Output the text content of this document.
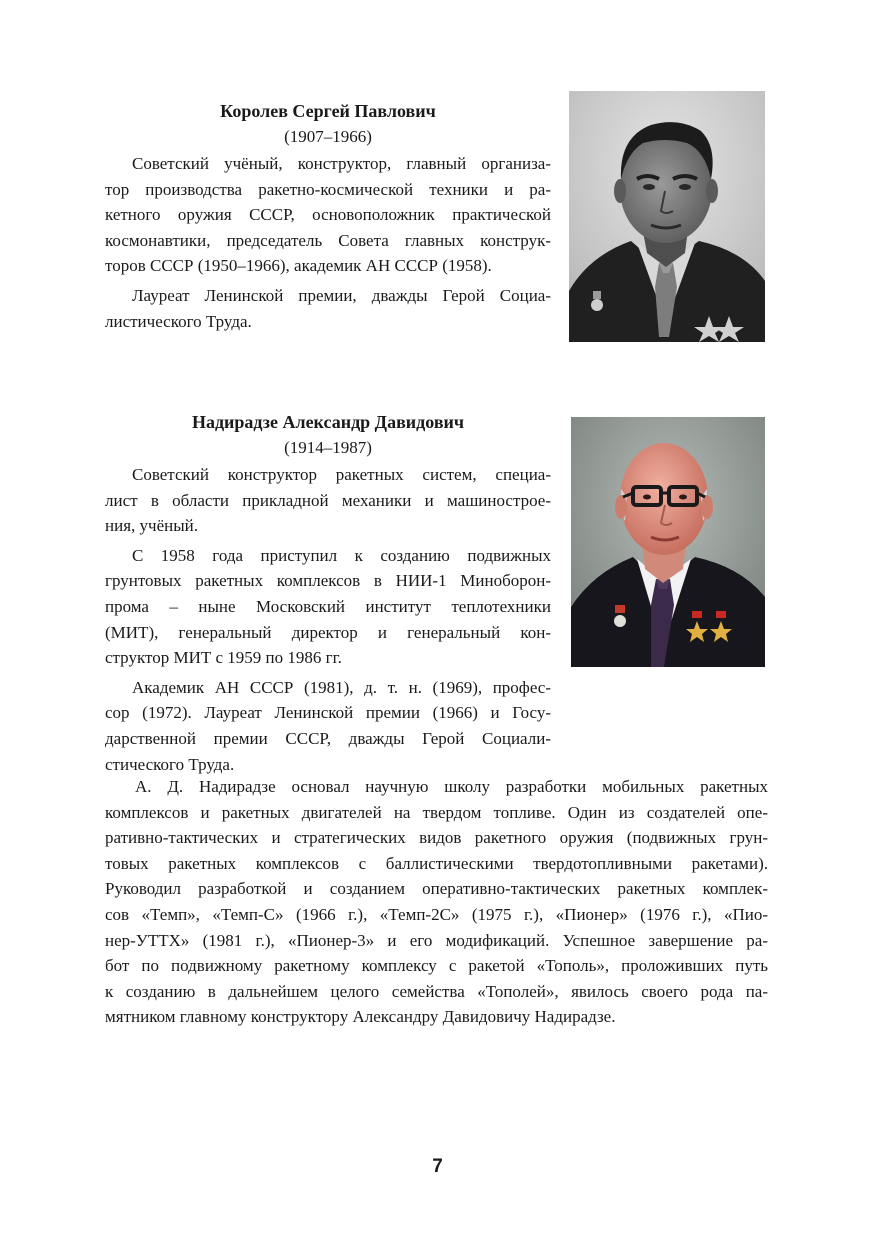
Королев Сергей Павлович
(1907–1966)
Советский учёный, конструктор, главный организа-
тор производства ракетно-космической техники и ра-
кетного оружия СССР, основоположник практической
космонавтики, председатель Совета главных конструк-
торов СССР (1950–1966), академик АН СССР (1958).
Лауреат Ленинской премии, дважды Герой Социа-
листического Труда.
Надирадзе Александр Давидович
(1914–1987)
Советский конструктор ракетных систем, специа-
лист в области прикладной механики и машинострое-
ния, учёный.
С 1958 года приступил к созданию подвижных
грунтовых ракетных комплексов в НИИ-1 Миноборон-
прома – ныне Московский институт теплотехники
(МИТ), генеральный директор и генеральный кон-
структор МИТ с 1959 по 1986 гг.
Академик АН СССР (1981), д. т. н. (1969), профес-
сор (1972). Лауреат Ленинской премии (1966) и Госу-
дарственной премии СССР, дважды Герой Социали-
стического Труда.
А. Д. Надирадзе основал научную школу разработки мобильных ракетных
комплексов и ракетных двигателей на твердом топливе. Один из создателей опе-
ративно-тактических и стратегических видов ракетного оружия (подвижных грун-
товых ракетных комплексов с баллистическими твердотопливными ракетами).
Руководил разработкой и созданием оперативно-тактических ракетных комплек-
сов «Темп», «Темп-С» (1966 г.), «Темп-2С» (1975 г.), «Пионер» (1976 г.), «Пио-
нер-УТТХ» (1981 г.), «Пионер-3» и его модификаций. Успешное завершение ра-
бот по подвижному ракетному комплексу с ракетой «Тополь», проложивших путь
к созданию в дальнейшем целого семейства «Тополей», явилось своего рода па-
мятником главному конструктору Александру Давидовичу Надирадзе.
7
